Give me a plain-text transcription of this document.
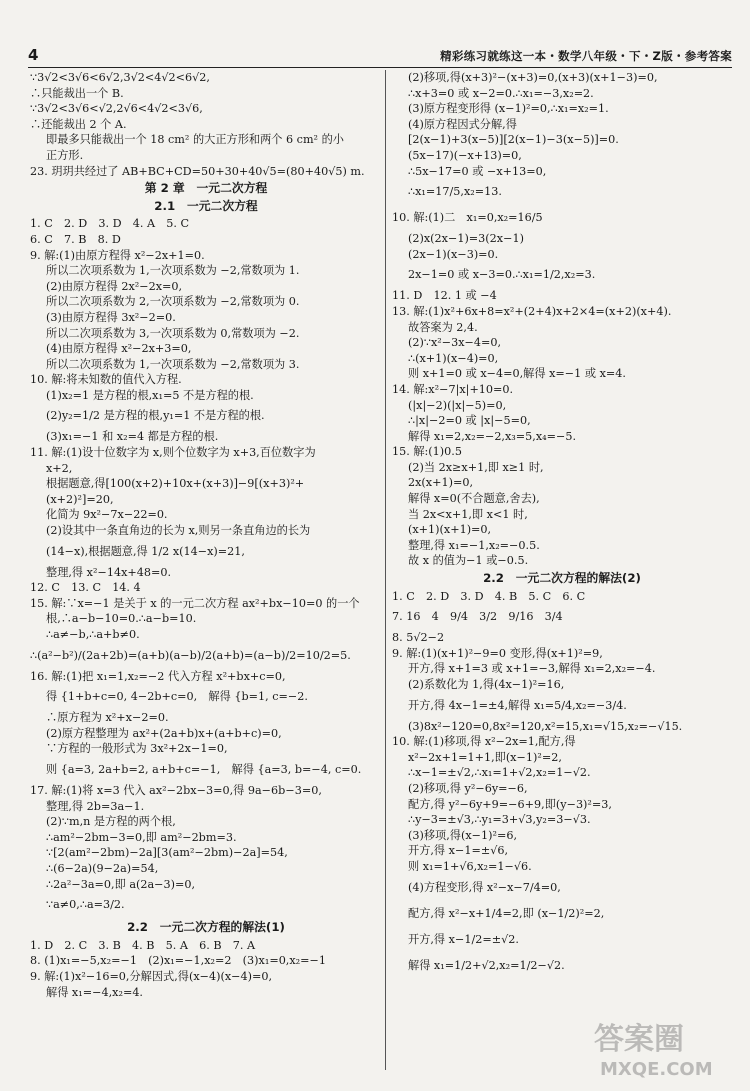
4	精彩练习就练这一本・数学八年级・下・Z版・参考答案
∵3√2<3√6<6√2,3√2<4√2<6√2,
∴只能裁出一个 B.
∵3√2<3√6<√2,2√6<4√2<3√6,
∴还能裁出 2 个 A.
即最多只能裁出一个 18 cm² 的大正方形和两个 6 cm² 的小
正方形.
23. 玥玥共经过了 AB+BC+CD=50+30+40√5=(80+40√5) m.
第 2 章　一元二次方程
2.1　一元二次方程
1. C　2. D　3. D　4. A　5. C
6. C　7. B　8. D
9. 解:(1)由原方程得 x²−2x+1=0.
所以二次项系数为 1,一次项系数为 −2,常数项为 1.
(2)由原方程得 2x²−2x=0,
所以二次项系数为 2,一次项系数为 −2,常数项为 0.
(3)由原方程得 3x²−2=0.
所以二次项系数为 3,一次项系数为 0,常数项为 −2.
(4)由原方程得 x²−2x+3=0,
所以二次项系数为 1,一次项系数为 −2,常数项为 3.
10. 解:将未知数的值代入方程.
(1)x₂=1 是方程的根,x₁=5 不是方程的根.
(2)y₂=1/2 是方程的根,y₁=1 不是方程的根.
(3)x₁=−1 和 x₂=4 都是方程的根.
11. 解:(1)设十位数字为 x,则个位数字为 x+3,百位数字为
x+2,
根据题意,得[100(x+2)+10x+(x+3)]−9[(x+3)²+
(x+2)²]=20,
化简为 9x²−7x−22=0.
(2)设其中一条直角边的长为 x,则另一条直角边的长为
(14−x),根据题意,得 1/2 x(14−x)=21,
整理,得 x²−14x+48=0.
12. C　13. C　14. 4
15. 解:∵x=−1 是关于 x 的一元二次方程 ax²+bx−10=0 的一个
根,∴a−b−10=0.∴a−b=10.
∴a≠−b,∴a+b≠0.
∴(a²−b²)/(2a+2b)=(a+b)(a−b)/2(a+b)=(a−b)/2=10/2=5.
16. 解:(1)把 x₁=1,x₂=−2 代入方程 x²+bx+c=0,
得 {1+b+c=0, 4−2b+c=0,　解得 {b=1, c=−2.
∴原方程为 x²+x−2=0.
(2)原方程整理为 ax²+(2a+b)x+(a+b+c)=0,
∵方程的一般形式为 3x²+2x−1=0,
则 {a=3, 2a+b=2, a+b+c=−1,　解得 {a=3, b=−4, c=0.
17. 解:(1)将 x=3 代入 ax²−2bx−3=0,得 9a−6b−3=0,
整理,得 2b=3a−1.
(2)∵m,n 是方程的两个根,
∴am²−2bm−3=0,即 am²−2bm=3.
∵[2(am²−2bm)−2a][3(am²−2bm)−2a]=54,
∴(6−2a)(9−2a)=54,
∴2a²−3a=0,即 a(2a−3)=0,
∵a≠0,∴a=3/2.
2.2　一元二次方程的解法(1)
1. D　2. C　3. B　4. B　5. A　6. B　7. A
8. (1)x₁=−5,x₂=−1　(2)x₁=−1,x₂=2　(3)x₁=0,x₂=−1
9. 解:(1)x²−16=0,分解因式,得(x−4)(x−4)=0,
解得 x₁=−4,x₂=4.
(2)移项,得(x+3)²−(x+3)=0,(x+3)(x+1−3)=0,
∴x+3=0 或 x−2=0.∴x₁=−3,x₂=2.
(3)原方程变形得 (x−1)²=0,∴x₁=x₂=1.
(4)原方程因式分解,得
[2(x−1)+3(x−5)][2(x−1)−3(x−5)]=0.
(5x−17)(−x+13)=0,
∴5x−17=0 或 −x+13=0,
∴x₁=17/5,x₂=13.
10. 解:(1)二　x₁=0,x₂=16/5
(2)x(2x−1)=3(2x−1)
(2x−1)(x−3)=0.
2x−1=0 或 x−3=0.∴x₁=1/2,x₂=3.
11. D　12. 1 或 −4
13. 解:(1)x²+6x+8=x²+(2+4)x+2×4=(x+2)(x+4).
故答案为 2,4.
(2)∵x²−3x−4=0,
∴(x+1)(x−4)=0,
则 x+1=0 或 x−4=0,解得 x=−1 或 x=4.
14. 解:x²−7|x|+10=0.
(|x|−2)(|x|−5)=0,
∴|x|−2=0 或 |x|−5=0,
解得 x₁=2,x₂=−2,x₃=5,x₄=−5.
15. 解:(1)0.5
(2)当 2x≥x+1,即 x≥1 时,
2x(x+1)=0,
解得 x=0(不合题意,舍去),
当 2x<x+1,即 x<1 时,
(x+1)(x+1)=0,
整理,得 x₁=−1,x₂=−0.5.
故 x 的值为−1 或−0.5.
2.2　一元二次方程的解法(2)
1. C　2. D　3. D　4. B　5. C　6. C
7. 16　4　9/4　3/2　9/16　3/4
8. 5√2−2
9. 解:(1)(x+1)²−9=0 变形,得(x+1)²=9,
开方,得 x+1=3 或 x+1=−3,解得 x₁=2,x₂=−4.
(2)系数化为 1,得(4x−1)²=16,
开方,得 4x−1=±4,解得 x₁=5/4,x₂=−3/4.
(3)8x²−120=0,8x²=120,x²=15,x₁=√15,x₂=−√15.
10. 解:(1)移项,得 x²−2x=1,配方,得
x²−2x+1=1+1,即(x−1)²=2,
∴x−1=±√2,∴x₁=1+√2,x₂=1−√2.
(2)移项,得 y²−6y=−6,
配方,得 y²−6y+9=−6+9,即(y−3)²=3,
∴y−3=±√3,∴y₁=3+√3,y₂=3−√3.
(3)移项,得(x−1)²=6,
开方,得 x−1=±√6,
则 x₁=1+√6,x₂=1−√6.
(4)方程变形,得 x²−x−7/4=0,
配方,得 x²−x+1/4=2,即 (x−1/2)²=2,
开方,得 x−1/2=±√2.
解得 x₁=1/2+√2,x₂=1/2−√2.
答案圈
MXQE.COM
